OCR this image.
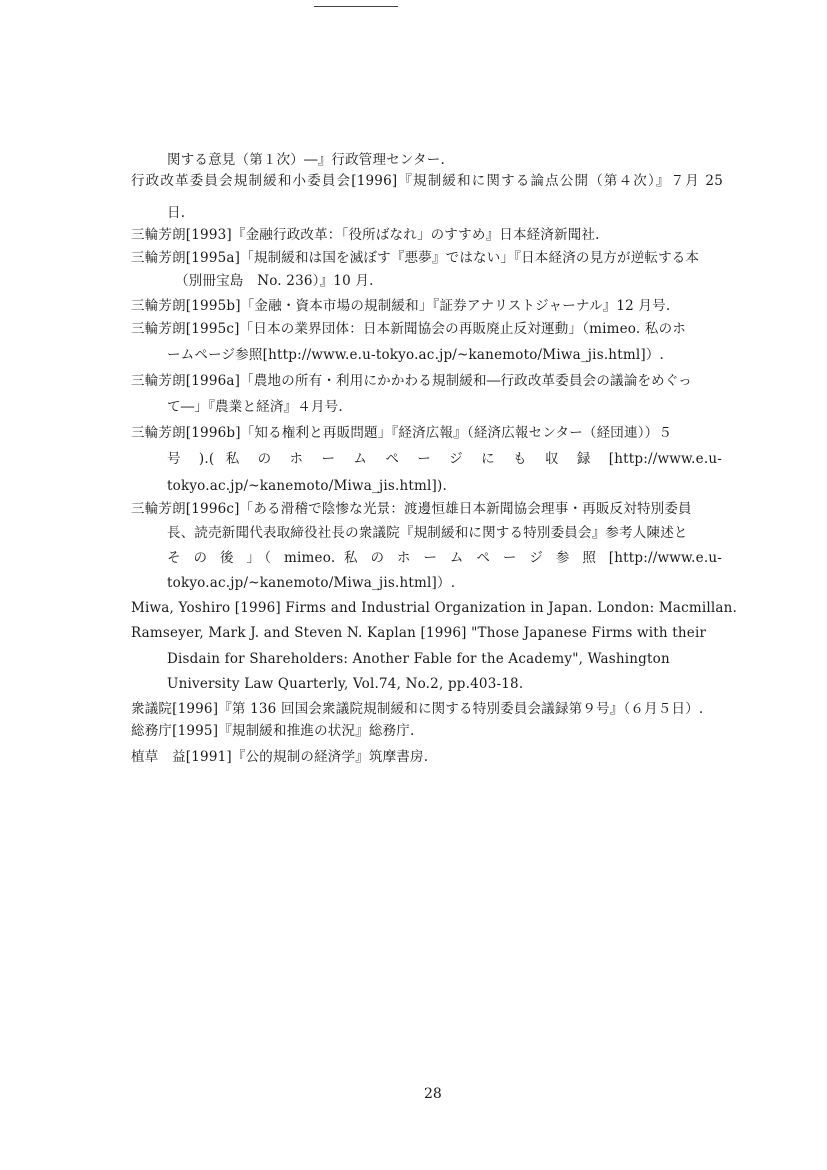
関する意見（第１次）―』行政管理センター.
行政改革委員会規制緩和小委員会[1996]『規制緩和に関する論点公開（第４次）』７月 25
日.
三輪芳朗[1993]『金融行政改革：「役所ばなれ」のすすめ』日本経済新聞社.
三輪芳朗[1995a]「規制緩和は国を滅ぼす『悪夢』ではない」『日本経済の見方が逆転する本
（別冊宝島　No. 236）』10 月.
三輪芳朗[1995b]「金融・資本市場の規制緩和」『証券アナリストジャーナル』12 月号.
三輪芳朗[1995c]「日本の業界団体：日本新聞協会の再販廃止反対運動」（mimeo. 私のホ
ームページ参照[http://www.e.u-tokyo.ac.jp/~kanemoto/Miwa_jis.html]）.
三輪芳朗[1996a]「農地の所有・利用にかかわる規制緩和―行政改革委員会の議論をめぐっ
て―」『農業と経済』４月号.
三輪芳朗[1996b]「知る権利と再販問題」『経済広報』（経済広報センター（経団連））５
号 ).( 私 の ホ ー ム ペ ー ジ に も 収 録 [http://www.e.u-
tokyo.ac.jp/~kanemoto/Miwa_jis.html]).
三輪芳朗[1996c]「ある滑稽で陰惨な光景：渡邊恒雄日本新聞協会理事・再販反対特別委員
長、読売新聞代表取締役社長の衆議院『規制緩和に関する特別委員会』参考人陳述と
そ の 後 」（ mimeo. 私 の ホ ー ム ペ ー ジ 参 照 [http://www.e.u-
tokyo.ac.jp/~kanemoto/Miwa_jis.html]）.
Miwa, Yoshiro [1996] Firms and Industrial Organization in Japan. London: Macmillan.
Ramseyer, Mark J. and Steven N. Kaplan [1996] "Those Japanese Firms with their
Disdain for Shareholders: Another Fable for the Academy", Washington
University Law Quarterly, Vol.74, No.2, pp.403-18.
衆議院[1996]『第 136 回国会衆議院規制緩和に関する特別委員会議録第９号』（６月５日）.
総務庁[1995]『規制緩和推進の状況』総務庁.
植草　益[1991]『公的規制の経済学』筑摩書房.
28
